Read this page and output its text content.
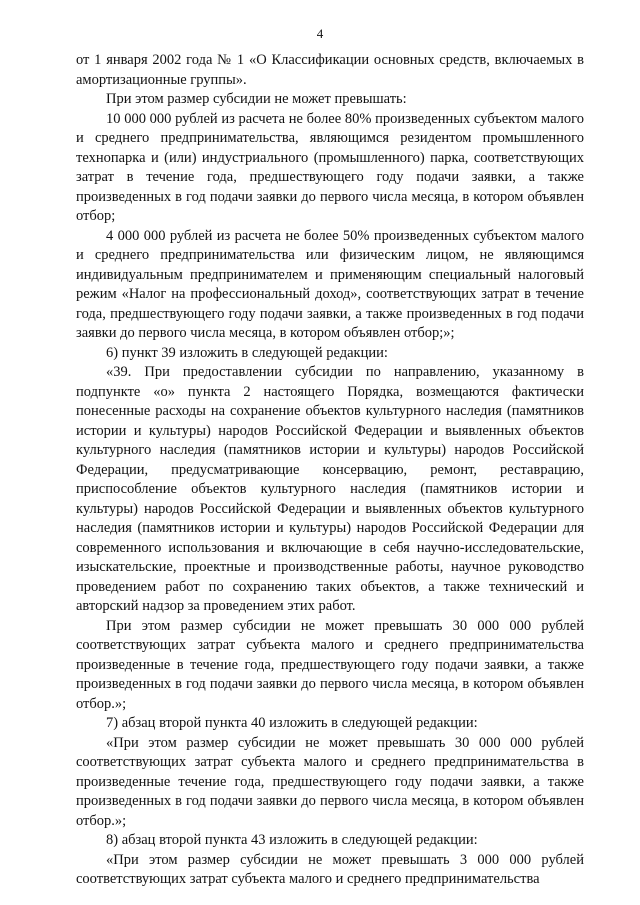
4

от 1 января 2002 года № 1 «О Классификации основных средств, включаемых в амортизационные группы».

При этом размер субсидии не может превышать:

10 000 000 рублей из расчета не более 80% произведенных субъектом малого и среднего предпринимательства, являющимся резидентом промышленного технопарка и (или) индустриального (промышленного) парка, соответствующих затрат в течение года, предшествующего году подачи заявки, а также произведенных в год подачи заявки до первого числа месяца, в котором объявлен отбор;

4 000 000 рублей из расчета не более 50% произведенных субъектом малого и среднего предпринимательства или физическим лицом, не являющимся индивидуальным предпринимателем и применяющим специальный налоговый режим «Налог на профессиональный доход», соответствующих затрат в течение года, предшествующего году подачи заявки, а также произведенных в год подачи заявки до первого числа месяца, в котором объявлен отбор;»;

6) пункт 39 изложить в следующей редакции:

«39. При предоставлении субсидии по направлению, указанному в подпункте «о» пункта 2 настоящего Порядка, возмещаются фактически понесенные расходы на сохранение объектов культурного наследия (памятников истории и культуры) народов Российской Федерации и выявленных объектов культурного наследия (памятников истории и культуры) народов Российской Федерации, предусматривающие консервацию, ремонт, реставрацию, приспособление объектов культурного наследия (памятников истории и культуры) народов Российской Федерации и выявленных объектов культурного наследия (памятников истории и культуры) народов Российской Федерации для современного использования и включающие в себя научно-исследовательские, изыскательские, проектные и производственные работы, научное руководство проведением работ по сохранению таких объектов, а также технический и авторский надзор за проведением этих работ.

При этом размер субсидии не может превышать 30 000 000 рублей соответствующих затрат субъекта малого и среднего предпринимательства произведенные в течение года, предшествующего году подачи заявки, а также произведенных в год подачи заявки до первого числа месяца, в котором объявлен отбор.»;

7) абзац второй пункта 40 изложить в следующей редакции:

«При этом размер субсидии не может превышать 30 000 000 рублей соответствующих затрат субъекта малого и среднего предпринимательства в произведенные течение года, предшествующего году подачи заявки, а также произведенных в год подачи заявки до первого числа месяца, в котором объявлен отбор.»;

8) абзац второй пункта 43 изложить в следующей редакции:

«При этом размер субсидии не может превышать 3 000 000 рублей соответствующих затрат субъекта малого и среднего предпринимательства
